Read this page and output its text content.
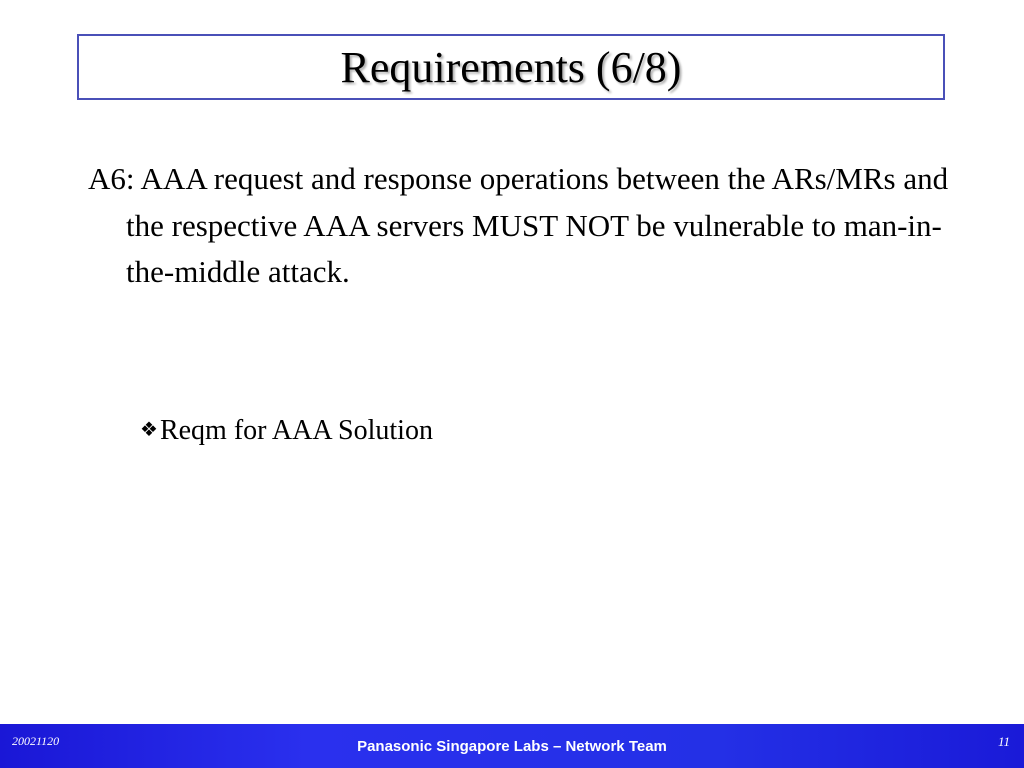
Requirements (6/8)

A6: AAA request and response operations between the ARs/MRs and the respective AAA servers MUST NOT be vulnerable to man-in-the-middle attack.

❖Reqm for AAA Solution
20021120	Panasonic Singapore Labs – Network Team	11
